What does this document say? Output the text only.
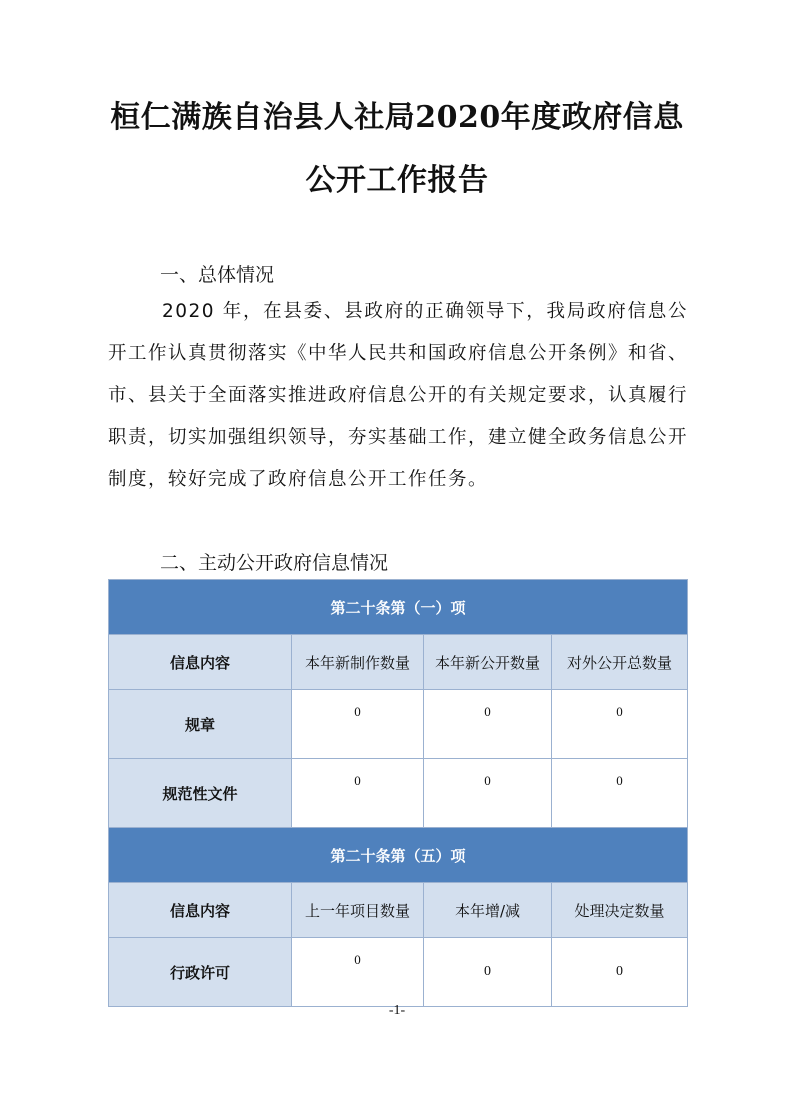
桓仁满族自治县人社局2020年度政府信息
公开工作报告
一、总体情况
2020 年，在县委、县政府的正确领导下，我局政府信息公开工作认真贯彻落实《中华人民共和国政府信息公开条例》和省、市、县关于全面落实推进政府信息公开的有关规定要求，认真履行职责，切实加强组织领导，夯实基础工作，建立健全政务信息公开制度，较好完成了政府信息公开工作任务。
二、主动公开政府信息情况
第二十条第（一）项			
信息内容	本年新制作数量	本年新公开数量	对外公开总数量
规章	0	0	0
规范性文件	0	0	0
第二十条第（五）项			
信息内容	上一年项目数量	本年增/减	处理决定数量
行政许可	0	0	0
-1-
